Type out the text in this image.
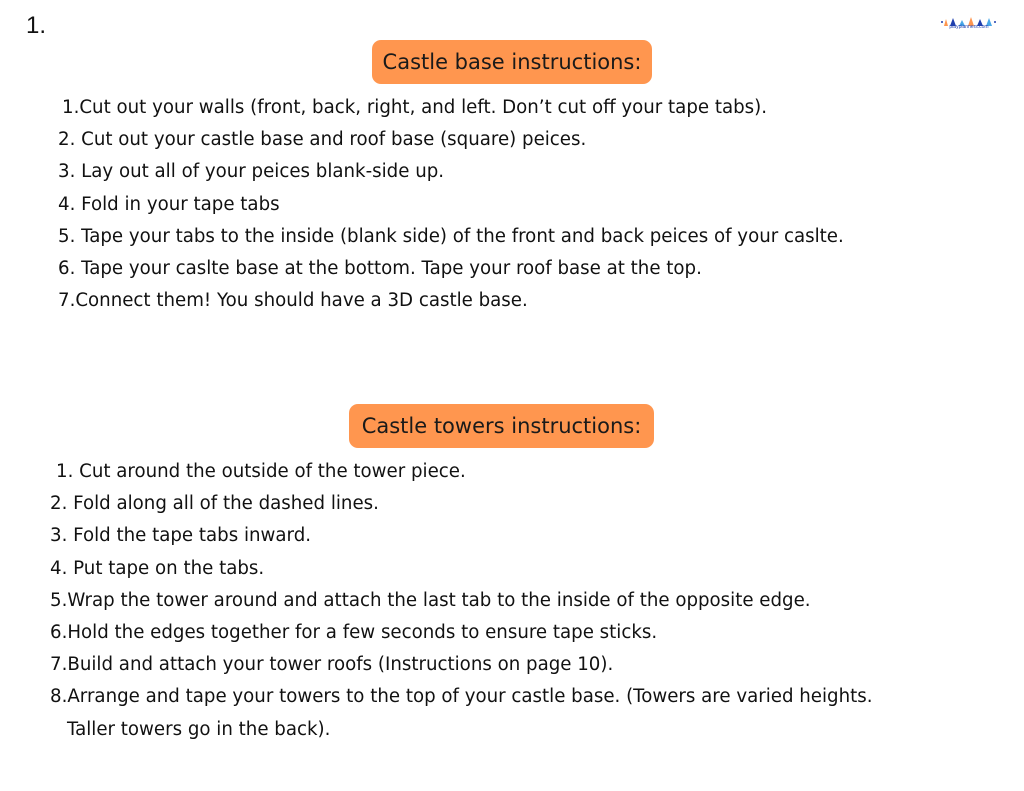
1.	playplanners.com
Castle base instructions:
1.Cut out your walls (front, back, right, and left. Don’t cut off your tape tabs).
2. Cut out your castle base and roof base (square) peices.
3. Lay out all of your peices blank-side up.
4. Fold in your tape tabs
5. Tape your tabs to the inside (blank side) of the front and back peices of your caslte.
6. Tape your caslte base at the bottom. Tape your roof base at the top.
7.Connect them! You should have a 3D castle base.
Castle towers instructions:
1. Cut around the outside of the tower piece.
2. Fold along all of the dashed lines.
3. Fold the tape tabs inward.
4. Put tape on the tabs.
5.Wrap the tower around and attach the last tab to the inside of the opposite edge.
6.Hold the edges together for a few seconds to ensure tape sticks.
7.Build and attach your tower roofs (Instructions on page 10).
8.Arrange and tape your towers to the top of your castle base. (Towers are varied heights.
Taller towers go in the back).
